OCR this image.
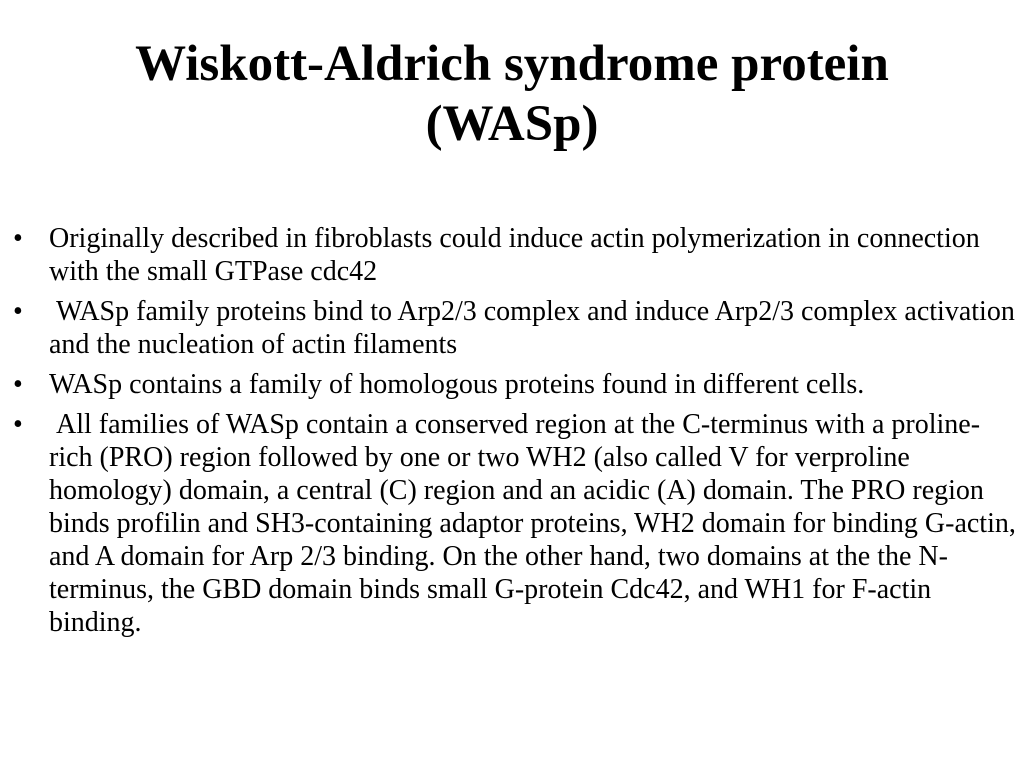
Wiskott-Aldrich syndrome protein (WASp)
• Originally described in fibroblasts could induce actin polymerization in connection with the small GTPase cdc42
• WASp family proteins bind to Arp2/3 complex and induce Arp2/3 complex activation and the nucleation of actin filaments
• WASp contains a family of homologous proteins found in different cells.
• All families of WASp contain a conserved region at the C-terminus with a proline-rich (PRO) region followed by one or two WH2 (also called V for verproline homology) domain, a central (C) region and an acidic (A) domain. The PRO region binds profilin and SH3-containing adaptor proteins, WH2 domain for binding G-actin, and A domain for Arp 2/3 binding. On the other hand, two domains at the the N-terminus, the GBD domain binds small G-protein Cdc42, and WH1 for F-actin binding.
